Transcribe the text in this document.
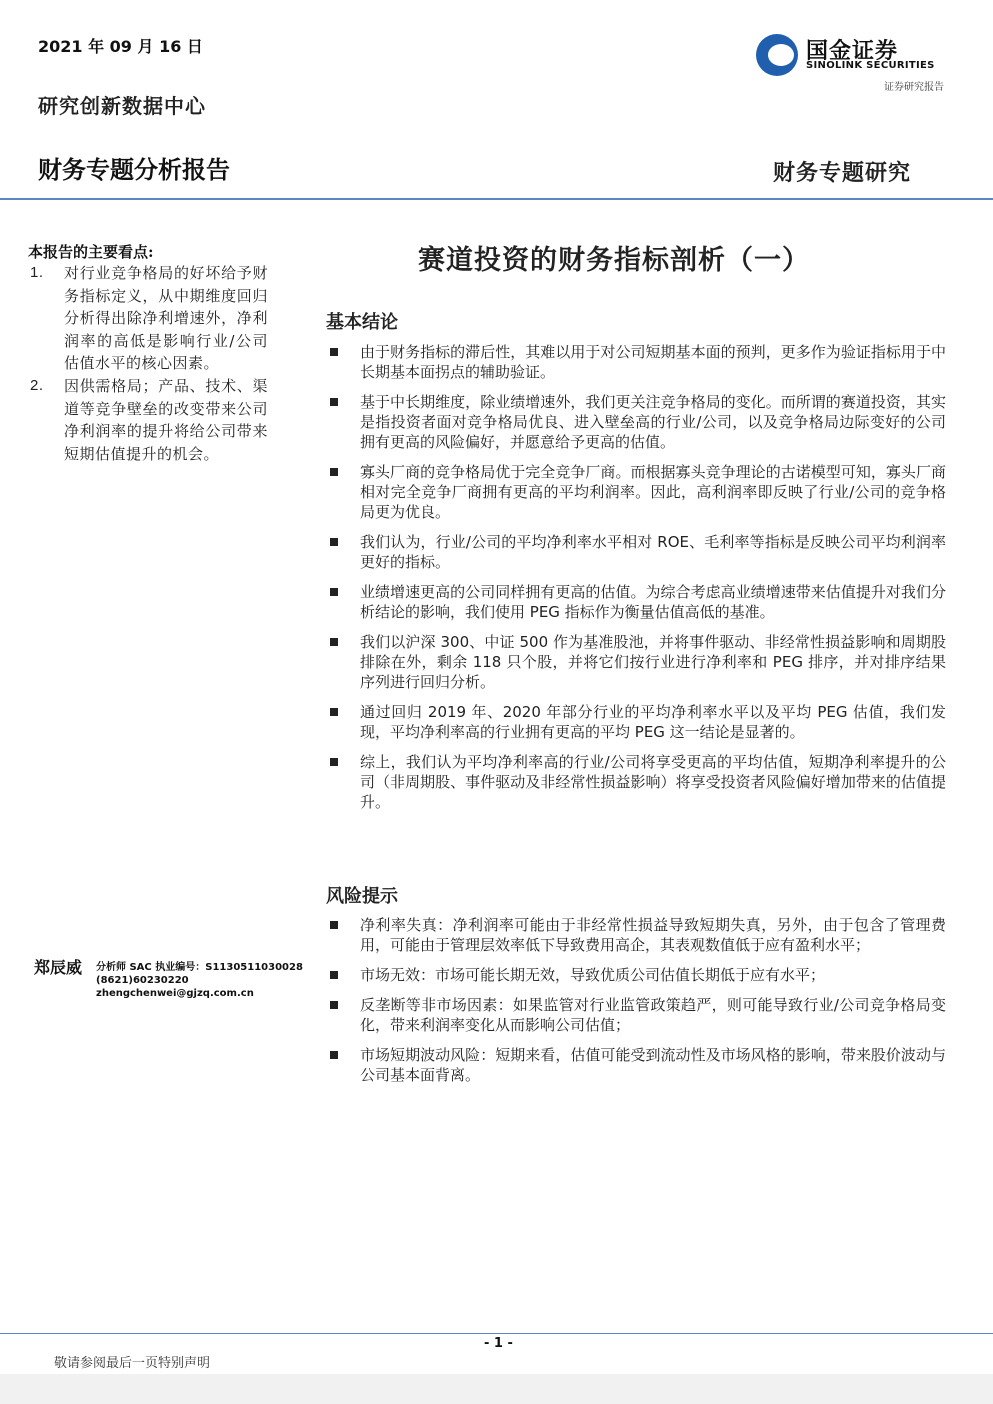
2021 年 09 月 16 日
研究创新数据中心
财务专题分析报告	财务专题研究
国金证券
SINOLINK SECURITIES
证券研究报告
本报告的主要看点:
1. 对行业竞争格局的好坏给予财务指标定义，从中期维度回归分析得出除净利增速外，净利润率的高低是影响行业/公司估值水平的核心因素。
2. 因供需格局；产品、技术、渠道等竞争壁垒的改变带来公司净利润率的提升将给公司带来短期估值提升的机会。
郑辰威 分析师 SAC 执业编号：S1130511030028
(8621)60230220
zhengchenwei@gjzq.com.cn
赛道投资的财务指标剖析（一）
基本结论
由于财务指标的滞后性，其难以用于对公司短期基本面的预判，更多作为验证指标用于中长期基本面拐点的辅助验证。
基于中长期维度，除业绩增速外，我们更关注竞争格局的变化。而所谓的赛道投资，其实是指投资者面对竞争格局优良、进入壁垒高的行业/公司，以及竞争格局边际变好的公司拥有更高的风险偏好，并愿意给予更高的估值。
寡头厂商的竞争格局优于完全竞争厂商。而根据寡头竞争理论的古诺模型可知，寡头厂商相对完全竞争厂商拥有更高的平均利润率。因此，高利润率即反映了行业/公司的竞争格局更为优良。
我们认为，行业/公司的平均净利率水平相对 ROE、毛利率等指标是反映公司平均利润率更好的指标。
业绩增速更高的公司同样拥有更高的估值。为综合考虑高业绩增速带来估值提升对我们分析结论的影响，我们使用 PEG 指标作为衡量估值高低的基准。
我们以沪深 300、中证 500 作为基准股池，并将事件驱动、非经常性损益影响和周期股排除在外，剩余 118 只个股，并将它们按行业进行净利率和 PEG 排序，并对排序结果序列进行回归分析。
通过回归 2019 年、2020 年部分行业的平均净利率水平以及平均 PEG 估值，我们发现，平均净利率高的行业拥有更高的平均 PEG 这一结论是显著的。
综上，我们认为平均净利率高的行业/公司将享受更高的平均估值，短期净利率提升的公司（非周期股、事件驱动及非经常性损益影响）将享受投资者风险偏好增加带来的估值提升。
风险提示
净利率失真：净利润率可能由于非经常性损益导致短期失真，另外，由于包含了管理费用，可能由于管理层效率低下导致费用高企，其表观数值低于应有盈利水平；
市场无效：市场可能长期无效，导致优质公司估值长期低于应有水平；
反垄断等非市场因素：如果监管对行业监管政策趋严，则可能导致行业/公司竞争格局变化，带来利润率变化从而影响公司估值；
市场短期波动风险：短期来看，估值可能受到流动性及市场风格的影响，带来股价波动与公司基本面背离。
- 1 -
敬请参阅最后一页特别声明
